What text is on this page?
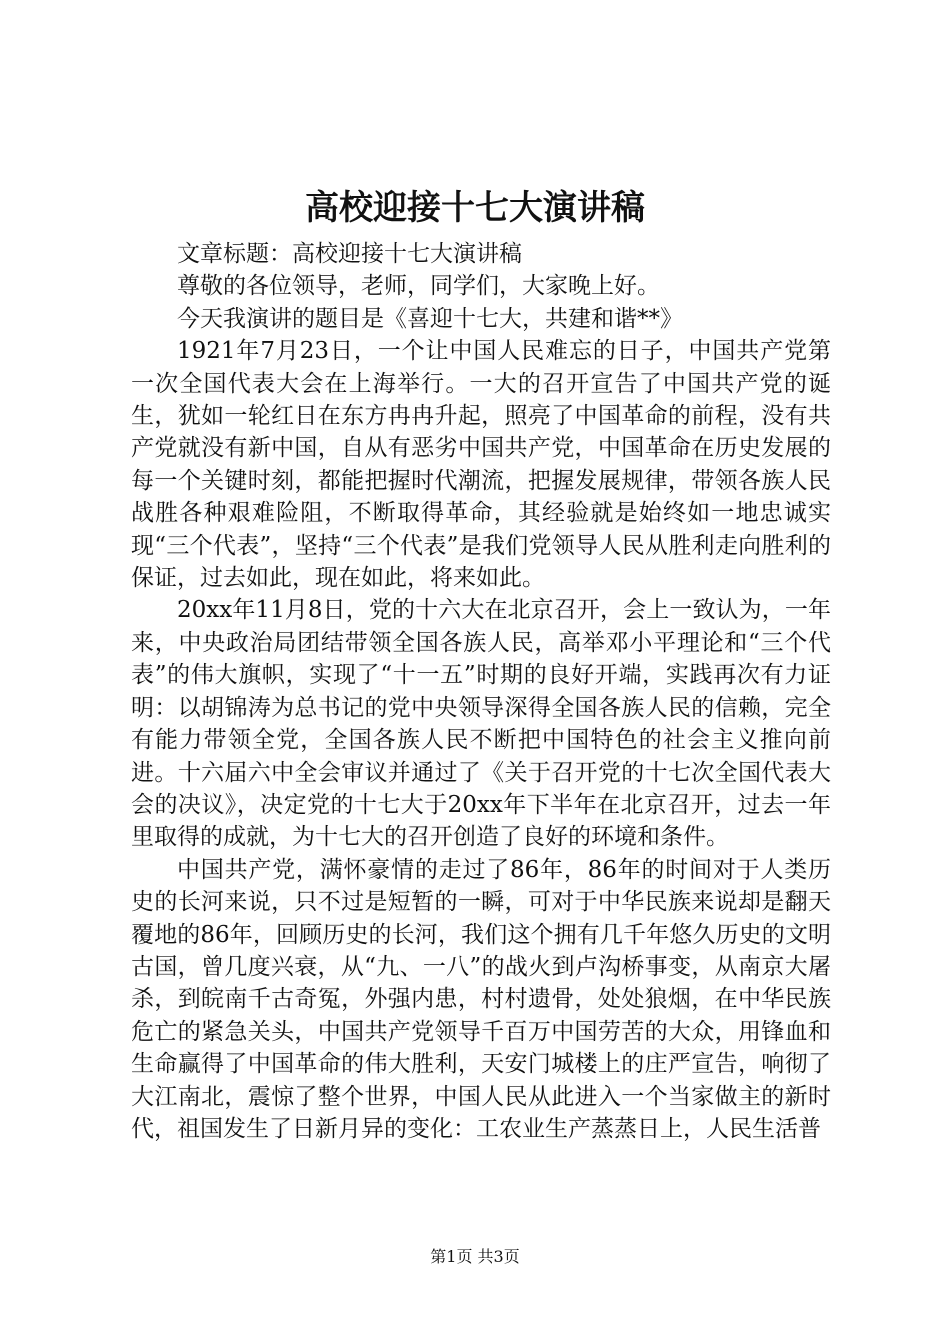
高校迎接十七大演讲稿

文章标题：高校迎接十七大演讲稿

尊敬的各位领导，老师，同学们，大家晚上好。

今天我演讲的题目是《喜迎十七大，共建和谐**》

1921年7月23日，一个让中国人民难忘的日子，中国共产党第一次全国代表大会在上海举行。一大的召开宣告了中国共产党的诞生，犹如一轮红日在东方冉冉升起，照亮了中国革命的前程，没有共产党就没有新中国，自从有恶劣中国共产党，中国革命在历史发展的每一个关键时刻，都能把握时代潮流，把握发展规律，带领各族人民战胜各种艰难险阻，不断取得革命，其经验就是始终如一地忠诚实现“三个代表”，坚持“三个代表”是我们党领导人民从胜利走向胜利的保证，过去如此，现在如此，将来如此。

20xx年11月8日，党的十六大在北京召开，会上一致认为，一年来，中央政治局团结带领全国各族人民，高举邓小平理论和“三个代表”的伟大旗帜，实现了“十一五”时期的良好开端，实践再次有力证明：以胡锦涛为总书记的党中央领导深得全国各族人民的信赖，完全有能力带领全党，全国各族人民不断把中国特色的社会主义推向前进。十六届六中全会审议并通过了《关于召开党的十七次全国代表大会的决议》，决定党的十七大于20xx年下半年在北京召开，过去一年里取得的成就，为十七大的召开创造了良好的环境和条件。

中国共产党，满怀豪情的走过了86年，86年的时间对于人类历史的长河来说，只不过是短暂的一瞬，可对于中华民族来说却是翻天覆地的86年，回顾历史的长河，我们这个拥有几千年悠久历史的文明古国，曾几度兴衰，从“九、一八”的战火到卢沟桥事变，从南京大屠杀，到皖南千古奇冤，外强内患，村村遗骨，处处狼烟，在中华民族危亡的紧急关头，中国共产党领导千百万中国劳苦的大众，用锋血和生命赢得了中国革命的伟大胜利，天安门城楼上的庄严宣告，响彻了大江南北，震惊了整个世界，中国人民从此进入一个当家做主的新时代，祖国发生了日新月异的变化：工农业生产蒸蒸日上，人民生活普

第1页 共3页
